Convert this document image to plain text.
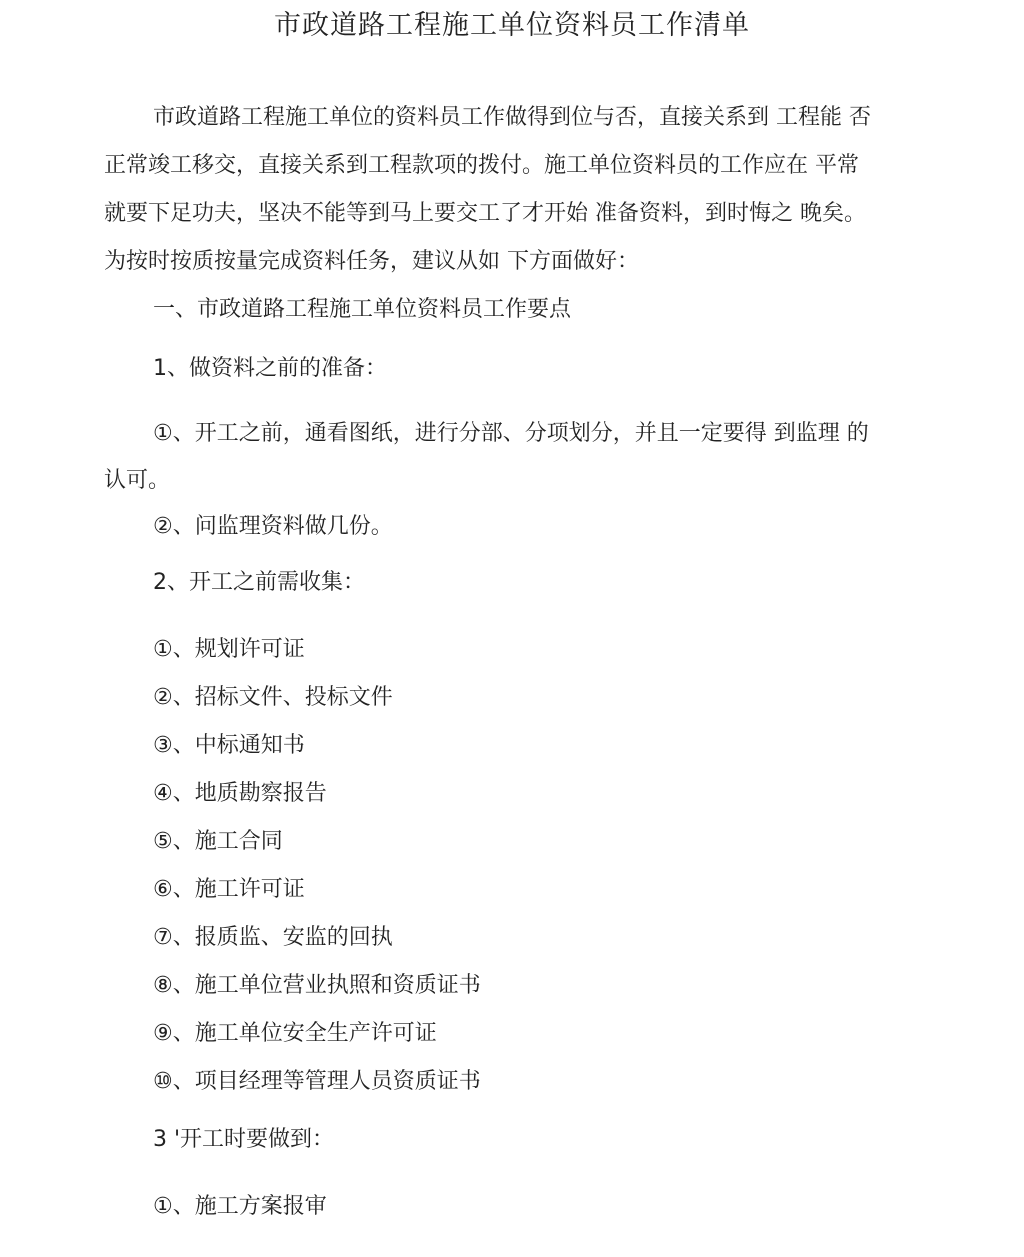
市政道路工程施工单位资料员工作清单
市政道路工程施工单位的资料员工作做得到位与否，直接关系到 工程能 否
正常竣工移交，直接关系到工程款项的拨付。施工单位资料员的工作应在 平常
就要下足功夫，坚决不能等到马上要交工了才开始 准备资料，到时悔之 晚矣。
为按时按质按量完成资料任务，建议从如 下方面做好：
一、市政道路工程施工单位资料员工作要点
1、做资料之前的准备：
①、开工之前，通看图纸，进行分部、分项划分，并且一定要得 到监理 的
认可。
②、问监理资料做几份。
2、开工之前需收集：
①、规划许可证
②、招标文件、投标文件
③、中标通知书
④、地质勘察报告
⑤、施工合同
⑥、施工许可证
⑦、报质监、安监的回执
⑧、施工单位营业执照和资质证书
⑨、施工单位安全生产许可证
⑩、项目经理等管理人员资质证书
3 '开工时要做到：
①、施工方案报审
